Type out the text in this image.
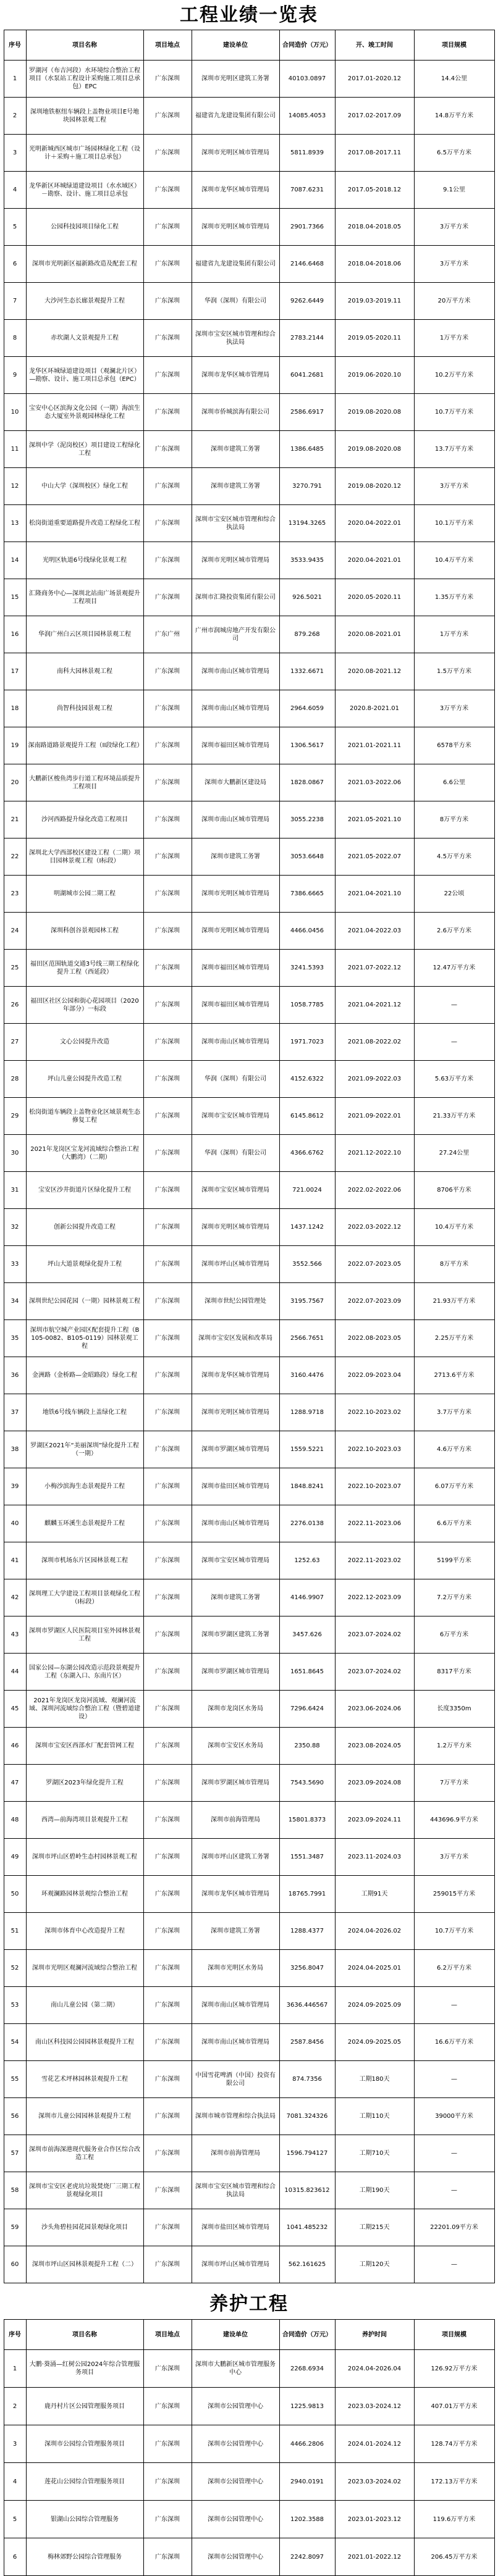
工程业绩一览表
序号	项目名称	项目地点	建设单位	合同造价（万元）	开、竣工时间	项目规模
1	罗湖河（布吉河段）水环境综合整治工程项目（水泵站工程设计采购施工项目总承包）EPC	广东深圳	深圳市光明区建筑工务署	40103.0897	2017.01-2020.12	14.4公里
2	深圳地铁枢纽车辆段上盖物业项目E号地块园林景观工程	广东深圳	福建省九龙建设集团有限公司	14085.4053	2017.02-2017.09	14.8万平方米
3	光明新城西区城市广场园林绿化工程（设计＋采购＋施工项目总承包）	广东深圳	深圳市光明区城市管理局	5811.8939	2017.08-2017.11	6.5万平方米
4	龙华新区环城绿道建设项目（水水域区）－勘察、设计、施工项目总承包	广东深圳	深圳市龙华区城市管理局	7087.6231	2017.05-2018.12	9.1公里
5	公园科技园项目绿化工程	广东深圳	深圳市光明区城市管理局	2901.7366	2018.04-2018.05	3万平方米
6	深圳市光明新区福新路改造及配套工程	广东深圳	福建省九龙建设集团有限公司	2146.6468	2018.04-2018.06	3万平方米
7	大沙河生态长廊景观提升工程	广东深圳	华润（深圳）有限公司	9262.6449	2019.03-2019.11	20万平方米
8	赤坎湖人文景观提升工程	广东深圳	深圳市宝安区城市管理和综合执法局	2783.2144	2019.05-2020.11	1万平方米
9	龙华区环城绿道建设项目（观澜北片区）—勘察、设计、施工项目总承包（EPC）	广东深圳	深圳市龙华区城市管理局	6041.2681	2019.06-2020.10	10.2万平方米
10	宝安中心区滨海文化公园（一期）海滨生态大厦室外景观园林绿化工程	广东深圳	深圳市侨城滨海有限公司	2586.6917	2019.08-2020.08	10.7万平方米
11	深圳中学（泥岗校区）项目建设工程绿化工程	广东深圳	深圳市建筑工务署	1386.6485	2019.08-2020.08	13.7万平方米
12	中山大学（深圳校区）绿化工程	广东深圳	深圳市建筑工务署	3270.791	2019.08-2020.12	3万平方米
13	松岗街道重要道路提升改造工程绿化工程	广东深圳	深圳市宝安区城市管理和综合执法局	13194.3265	2020.04-2022.01	10.1万平方米
14	光明区轨道6号线绿化景观工程	广东深圳	深圳市光明区城市管理局	3533.9435	2020.04-2021.01	10.4万平方米
15	汇隆商务中心—深圳北站南广场景观提升工程项目	广东深圳	深圳市汇隆投资集团有限公司	926.5021	2020.05-2020.11	1.35万平方米
16	华润广州白云区项目园林景观工程	广东广州	广州市润城房地产开发有限公司	879.268	2020.08-2021.01	1万平方米
17	南科大园林景观工程	广东深圳	深圳市南山区城市管理局	1332.6671	2020.08-2021.12	1.5万平方米
18	尚智科技园景观工程	广东深圳	深圳市南山区城市管理局	2964.6059	2020.8-2021.01	3万平方米
19	深南路道路景观提升工程（II段绿化工程）	广东深圳	深圳市福田区城市管理局	1306.5617	2021.01-2021.11	6578平方米
20	大鹏新区梭鱼湾步行道工程环境品质提升工程项目	广东深圳	深圳市大鹏新区建设局	1828.0867	2021.03-2022.06	6.6公里
21	沙河西路提升绿化改造工程项目	广东深圳	深圳市南山区城市管理局	3055.2238	2021.05-2021.10	8万平方米
22	深圳北大学西部校区建设工程（二期）项目园林景观工程（I标段）	广东深圳	深圳市建筑工务署	3053.6648	2021.05-2022.07	4.5万平方米
23	明湖城市公园二期工程	广东深圳	深圳市光明区城市管理局	7386.6665	2021.04-2021.10	22公顷
24	深圳科创谷景观园林工程	广东深圳	深圳市光明区城市管理局	4466.0456	2021.04-2022.03	2.6万平方米
25	福田区范围轨道交通3号线三期工程绿化提升工程（西延段）	广东深圳	深圳市福田区城市管理局	3241.5393	2021.07-2022.12	12.47万平方米
26	福田区社区公园和街心花园项目（2020年部分）一标段	广东深圳	深圳市福田区城市管理局	1058.7785	2021.04-2021.12	—
27	文心公园提升改造	广东深圳	深圳市南山区城市管理局	1971.7023	2021.08-2022.02	—
28	坪山儿童公园提升改造工程	广东深圳	华润（深圳）有限公司	4152.6322	2021.09-2022.03	5.63万平方米
29	松岗街道车辆段上盖物业化区域景观生态修复工程	广东深圳	深圳市宝安区城市管理局	6145.8612	2021.09-2022.01	21.33万平方米
30	2021年龙岗区宝龙河流域综合整治工程（大鹏湾）（二期）	广东深圳	华润（深圳）有限公司	4366.6762	2021.12-2022.10	27.24公里
31	宝安区沙井街道片区绿化提升工程	广东深圳	深圳市宝安区城市管理局	721.0024	2022.02-2022.06	8706平方米
32	创新公园提升改造工程	广东深圳	深圳市光明区城市管理局	1437.1242	2022.03-2022.12	10.4万平方米
33	坪山大道景观绿化提升工程	广东深圳	深圳市坪山区城市管理局	3552.566	2022.07-2023.05	8万平方米
34	深圳世纪公园花园（一期）园林景观工程	广东深圳	深圳市世纪公园管理处	3195.7567	2022.07-2023.09	21.93万平方米
35	深圳市航空城产业园区配套提升工程（B105-0082、B105-0119）园林景观工程	广东深圳	深圳市宝安区发展和改革局	2566.7651	2022.08-2023.05	2.25万平方米
36	金洲路（金桥路—金昭路段）绿化工程	广东深圳	深圳市龙华区城市管理局	3160.4476	2022.09-2023.04	2713.6平方米
37	地铁6号线车辆段上盖绿化工程	广东深圳	深圳市光明区城市管理局	1288.9718	2022.10-2023.02	3.7万平方米
38	罗湖区2021年“美丽深圳”绿化提升工程（一期）	广东深圳	深圳市罗湖区城市管理局	1559.5221	2022.10-2023.03	4.6万平方米
39	小梅沙滨海生态景观提升工程	广东深圳	深圳市盐田区城市管理局	1848.8241	2022.10-2023.07	6.07万平方米
40	麒麟玉环溪生态景观提升工程	广东深圳	深圳市南山区城市管理局	2276.0138	2022.11-2023.06	6.6万平方米
41	深圳市机场东片区园林景观工程	广东深圳	深圳市宝安区城市管理局	1252.63	2022.11-2023.02	5199平方米
42	深圳理工大学建设工程项目景观绿化工程（I标段）	广东深圳	深圳市建筑工务署	4146.9907	2022.12-2023.09	7.2万平方米
43	深圳市罗湖区人民医院项目室外园林景观工程	广东深圳	深圳市罗湖区建筑工务署	3457.626	2023.07-2024.02	6万平方米
44	国家公园—东湖公园改造示范段景观提升工程（东湖入口、东南片区）	广东深圳	深圳市罗湖区城市管理局	1651.8645	2023.07-2024.02	8317平方米
45	2021年龙岗区龙岗河流域、观澜河流域、深圳河流域综合整治工程（暨碧道建设）	广东深圳	深圳市龙岗区水务局	7296.6424	2023.06-2024.06	长度3350m
46	深圳市宝安区西部水厂配套管网工程	广东深圳	深圳市宝安区水务局	2350.88	2023.08-2024.05	1.2万平方米
47	罗湖区2023年绿化提升工程	广东深圳	深圳市罗湖区城市管理局	7543.5690	2023.09-2024.08	7万平方米
48	西湾—前海湾项目景观提升工程	广东深圳	深圳市前海管理局	15801.8373	2023.09-2024.11	443696.9平方米
49	深圳市坪山区碧岭生态村园林景观工程	广东深圳	深圳市坪山区建筑工务署	1551.3487	2023.11-2024.03	3万平方米
50	环观澜路园林景观综合整治工程	广东深圳	深圳市龙华区城市管理局	18765.7991	工期91天	259015平方米
51	深圳市体育中心改造提升工程	广东深圳	深圳市建筑工务署	1288.4377	2024.04-2026.02	10.7万平方米
52	深圳市光明区观澜河流域综合整治工程	广东深圳	深圳市光明区水务局	3256.8047	2024.04-2025.01	6.2万平方米
53	南山儿童公园（第二期）	广东深圳	深圳市南山区城市管理局	3636.446567	2024.09-2025.09	—
54	南山区科技园公园园林景观提升工程	广东深圳	深圳市南山区城市管理局	2587.8456	2024.09-2025.05	16.6万平方米
55	雪花艺术坪林园林景观提升工程	广东深圳	中国雪花啤酒（中国）投资有限公司	874.7356	工期180天	—
56	深圳市儿童公园园林景观提升工程	广东深圳	深圳市城市管理和综合执法局	7081.324326	工期110天	39000平方米
57	深圳市前海深港现代服务业合作区综合改造工程	广东深圳	深圳市前海管理局	1596.794127	工期710天	—
58	深圳市宝安区老虎坑垃圾焚烧厂三期工程景观绿化项目	广东深圳	深圳市宝安区城市管理和综合执法局	10315.823612	工期190天	—
59	沙头角碧桂园花园景观绿化项目	广东深圳	深圳市盐田区城市管理局	1041.485232	工期215天	22201.09平方米
60	深圳市坪山区园林景观提升工程（二）	广东深圳	深圳市坪山区城市管理局	562.161625	工期120天	—
养护工程
序号	项目名称	项目地点	建设单位	合同造价（万元）	养护时间	项目规模
1	大鹏·葵涌—红树公园2024年综合管理服务项目	广东深圳	深圳市大鹏新区城市管理服务中心	2268.6934	2024.04-2026.04	126.92万平方米
2	鹿丹村片区公园管理服务项目	广东深圳	深圳市公园管理中心	1225.9813	2023.03-2024.12	407.01万平方米
3	深圳市公园综合管理服务项目	广东深圳	深圳市公园管理中心	4466.2806	2024.01-2024.12	128.74万平方米
4	莲花山公园综合管理服务项目	广东深圳	深圳市公园管理中心	2940.0191	2023.03-2024.02	172.13万平方米
5	银湖山公园综合管理服务	广东深圳	深圳市公园管理中心	1202.3588	2023.01-2023.12	119.6万平方米
6	梅林郊野公园综合管理服务	广东深圳	深圳市公园管理中心	2242.8097	2021.01-2022.12	206.45万平方米
